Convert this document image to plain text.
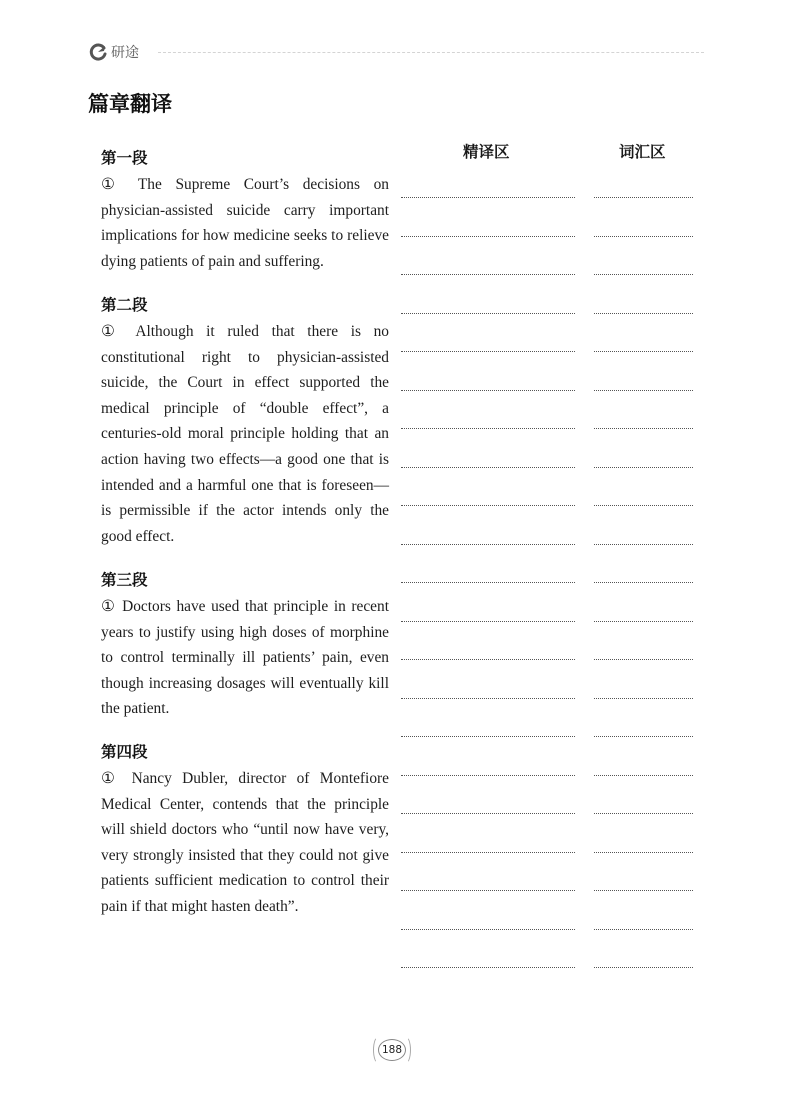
研途
篇章翻译
精译区	词汇区
第一段

① The Supreme Court’s decisions on physician-assisted suicide carry important implications for how medicine seeks to relieve dying patients of pain and suffering.

第二段

① Although it ruled that there is no constitutional right to physician-assisted suicide, the Court in effect supported the medical principle of “double effect”, a centuries-old moral principle holding that an action having two effects—a good one that is intended and a harmful one that is foreseen—is permissible if the actor intends only the good effect.

第三段

① Doctors have used that principle in recent years to justify using high doses of morphine to control terminally ill patients’ pain, even though increasing dosages will eventually kill the patient.

第四段

① Nancy Dubler, director of Montefiore Medical Center, contends that the principle will shield doctors who “until now have very, very strongly insisted that they could not give patients sufficient medication to control their pain if that might hasten death”.

188
